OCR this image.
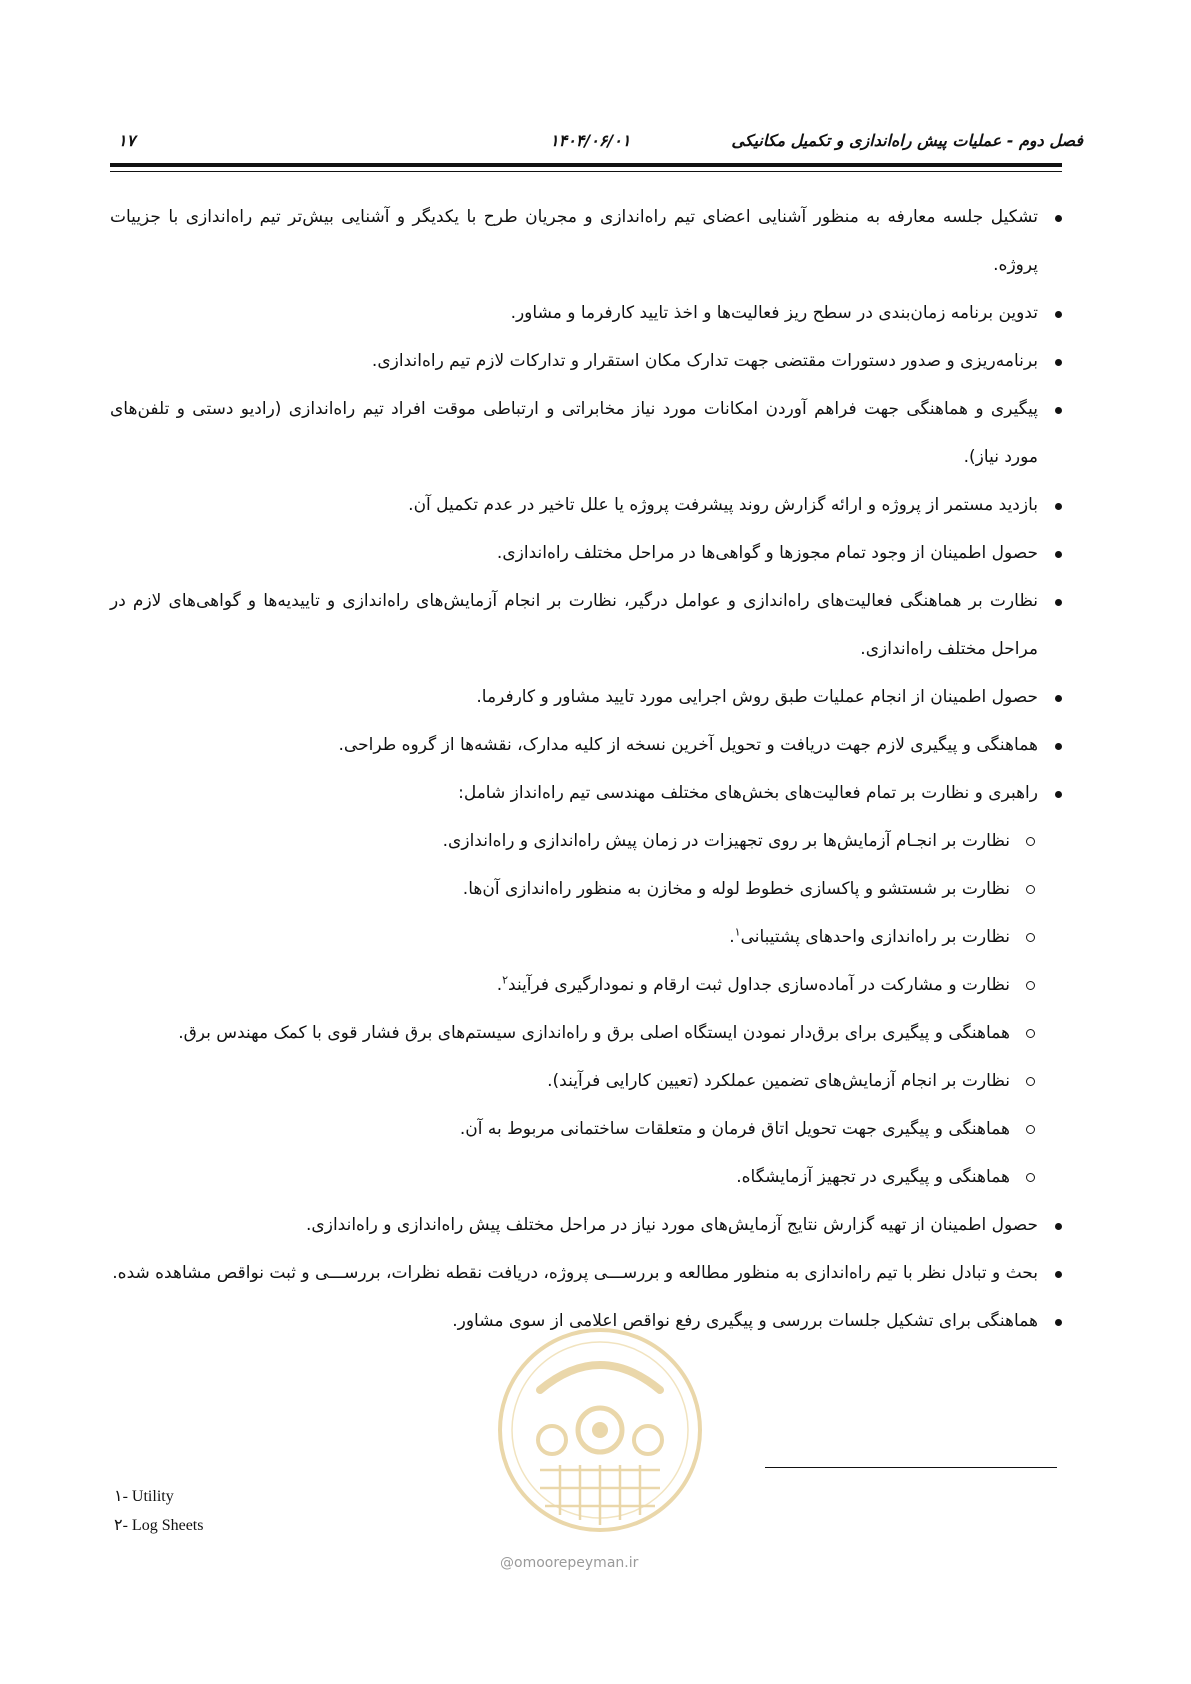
فصل دوم - عملیات پیش راه‌اندازی و تکمیل مکانیکی
۱۴۰۴/۰۶/۰۱
۱۷
@omoorepeyman.ir
تشکیل جلسه معارفه به منظور آشنایی اعضای تیم راه‌اندازی و مجریان طرح با یکدیگر و آشنایی بیش‌تر تیم راه‌اندازی با جزییات پروژه.
تدوین برنامه زمان‌بندی در سطح ریز فعالیت‌ها و اخذ تایید کارفرما و مشاور.
برنامه‌ریزی و صدور دستورات مقتضی جهت تدارک مکان استقرار و تدارکات لازم تیم راه‌اندازی.
پیگیری و هماهنگی جهت فراهم آوردن امکانات مورد نیاز مخابراتی و ارتباطی موقت افراد تیم راه‌اندازی (رادیو دستی و تلفن‌های مورد نیاز).
بازدید مستمر از پروژه و ارائه گزارش روند پیشرفت پروژه یا علل تاخیر در عدم تکمیل آن.
حصول اطمینان از وجود تمام مجوزها و گواهی‌ها در مراحل مختلف راه‌اندازی.
نظارت بر هماهنگی فعالیت‌های راه‌اندازی و عوامل درگیر، نظارت بر انجام آزمایش‌های راه‌اندازی و تاییدیه‌ها و گواهی‌های لازم در مراحل مختلف راه‌اندازی.
حصول اطمینان از انجام عملیات طبق روش اجرایی مورد تایید مشاور و کارفرما.
هماهنگی و پیگیری لازم جهت دریافت و تحویل آخرین نسخه از کلیه مدارک، نقشه‌ها از گروه طراحی.
راهبری و نظارت بر تمام فعالیت‌های بخش‌های مختلف مهندسی تیم راه‌انداز شامل:
نظارت بر انجـام آزمایش‌ها بر روی تجهیزات در زمان پیش راه‌اندازی و راه‌اندازی.
نظارت بر شستشو و پاکسازی خطوط لوله و مخازن به منظور راه‌اندازی آن‌ها.
نظارت بر راه‌اندازی واحدهای پشتیبانی$^۱$.
نظارت و مشارکت در آماده‌سازی جداول ثبت ارقام و نمودارگیری فرآیند$^۲$.
هماهنگی و پیگیری برای برق‌دار نمودن ایستگاه اصلی برق و راه‌اندازی سیستم‌های برق فشار قوی با کمک مهندس برق.
نظارت بر انجام آزمایش‌های تضمین عملکرد (تعیین کارایی فرآیند).
هماهنگی و پیگیری جهت تحویل اتاق فرمان و متعلقات ساختمانی مربوط به آن.
هماهنگی و پیگیری در تجهیز آزمایشگاه.
حصول اطمینان از تهیه گزارش نتایج آزمایش‌های مورد نیاز در مراحل مختلف پیش راه‌اندازی و راه‌اندازی.
بحث و تبادل نظر با تیم راه‌اندازی به منظور مطالعه و بررســـی پروژه، دریافت نقطه نظرات، بررســـی و ثبت نواقص مشاهده شده.
هماهنگی برای تشکیل جلسات بررسی و پیگیری رفع نواقص اعلامی از سوی مشاور.
۱- Utility
۲- Log Sheets
